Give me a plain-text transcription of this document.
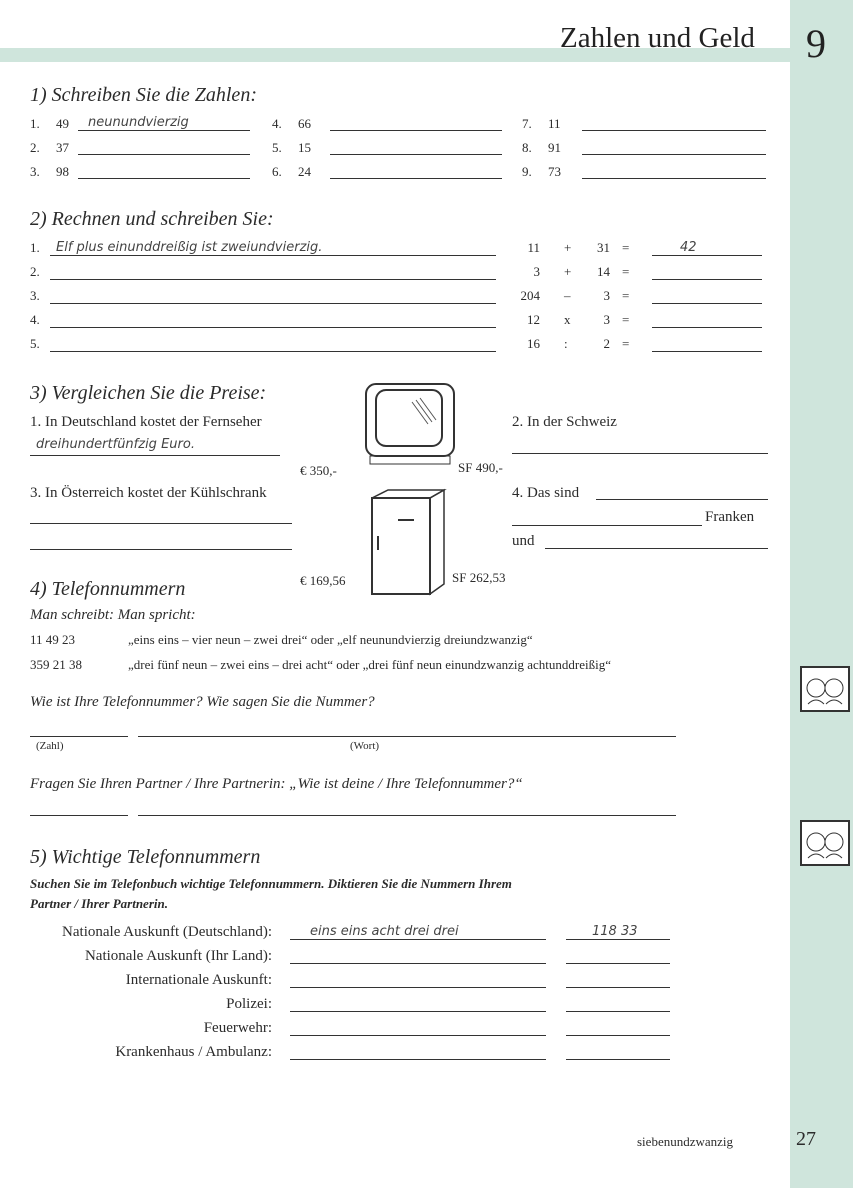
Zahlen und Geld 9
1) Schreiben Sie die Zahlen:
1. 49 neunundvierzig
2. 37
3. 98
4. 66
5. 15
6. 24
7. 11
8. 91
9. 73
2) Rechnen und schreiben Sie:
1. Elf plus einunddreißig ist zweiundvierzig.	11 +	31 =	42
2.	3 +	14 =
3.	204 –	3 =
4.	12 x	3 =
5.	16 :	2 =
3) Vergleichen Sie die Preise:
1. In Deutschland kostet der Fernseher
dreihundertfünfzig Euro.
€ 350,-	SF 490,-
2. In der Schweiz
3. In Österreich kostet der Kühlschrank
€ 169,56	SF 262,53
4. Das sind
Franken
und
4) Telefonnummern
Man schreibt: Man spricht:
11 49 23	„eins eins – vier neun – zwei drei“ oder „elf neunundvierzig dreiundzwanzig“
359 21 38	„drei fünf neun – zwei eins – drei acht“ oder „drei fünf neun einundzwanzig achtunddreißig“
Wie ist Ihre Telefonnummer? Wie sagen Sie die Nummer?
(Zahl)	(Wort)
Fragen Sie Ihren Partner / Ihre Partnerin: „Wie ist deine / Ihre Telefonnummer?“
5) Wichtige Telefonnummern
Suchen Sie im Telefonbuch wichtige Telefonnummern. Diktieren Sie die Nummern Ihrem
Partner / Ihrer Partnerin.
Nationale Auskunft (Deutschland):	eins eins acht drei drei	118 33
Nationale Auskunft (Ihr Land):
Internationale Auskunft:
Polizei:
Feuerwehr:
Krankenhaus / Ambulanz:
siebenundzwanzig	27
